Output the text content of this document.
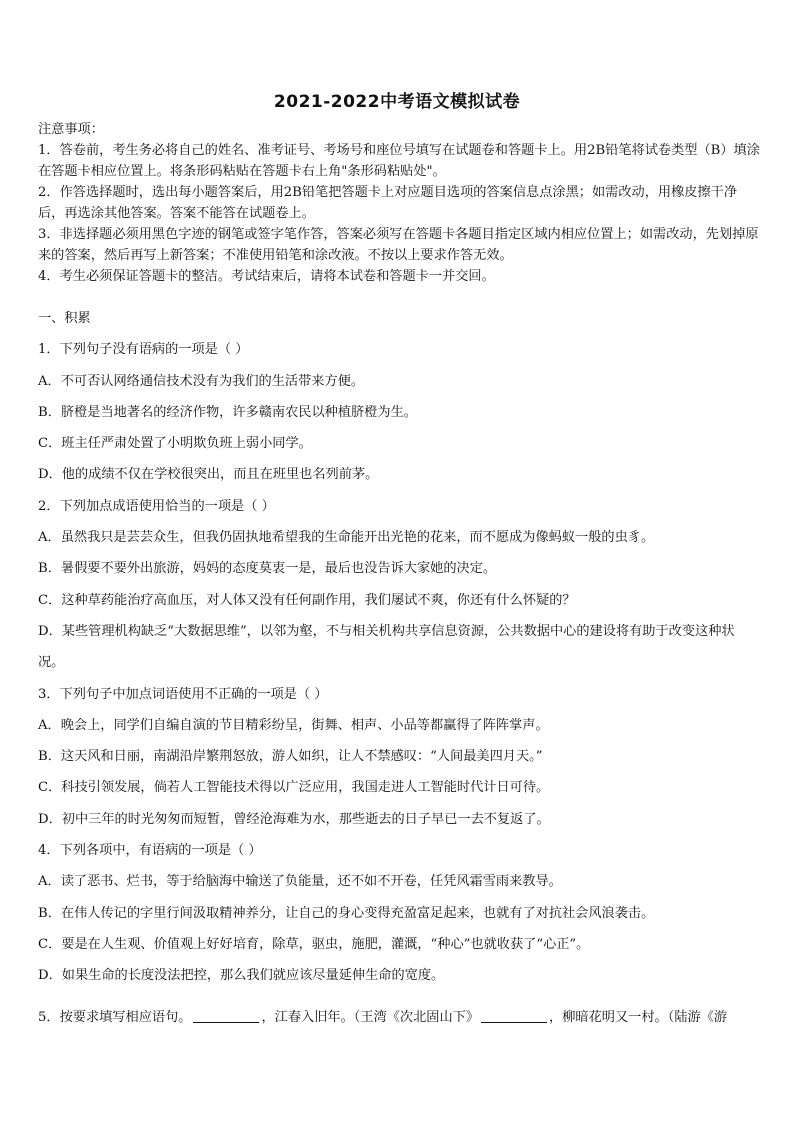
2021-2022中考语文模拟试卷

注意事项：

1．答卷前，考生务必将自己的姓名、准考证号、考场号和座位号填写在试题卷和答题卡上。用2B铅笔将试卷类型（B）填涂在答题卡相应位置上。将条形码粘贴在答题卡右上角"条形码粘贴处"。

2．作答选择题时，选出每小题答案后，用2B铅笔把答题卡上对应题目选项的答案信息点涂黑；如需改动，用橡皮擦干净后，再选涂其他答案。答案不能答在试题卷上。

3．非选择题必须用黑色字迹的钢笔或签字笔作答，答案必须写在答题卡各题目指定区域内相应位置上；如需改动，先划掉原来的答案，然后再写上新答案；不准使用铅笔和涂改液。不按以上要求作答无效。

4．考生必须保证答题卡的整洁。考试结束后，请将本试卷和答题卡一并交回。

一、积累

1．下列句子没有语病的一项是（ ）

A．不可否认网络通信技术没有为我们的生活带来方便。

B．脐橙是当地著名的经济作物，许多赣南农民以种植脐橙为生。

C．班主任严肃处置了小明欺负班上弱小同学。

D．他的成绩不仅在学校很突出，而且在班里也名列前茅。

2．下列加点成语使用恰当的一项是（ ）

A．虽然我只是芸芸众生，但我仍固执地希望我的生命能开出光艳的花来，而不愿成为像蚂蚁一般的虫豸。

B．暑假要不要外出旅游，妈妈的态度莫衷一是，最后也没告诉大家她的决定。

C．这种草药能治疗高血压，对人体又没有任何副作用，我们屡试不爽，你还有什么怀疑的？

D．某些管理机构缺乏“大数据思维”，以邻为壑，不与相关机构共享信息资源，公共数据中心的建设将有助于改变这种状况。

3．下列句子中加点词语使用不正确的一项是（ ）

A．晚会上，同学们自编自演的节目精彩纷呈，街舞、相声、小品等都赢得了阵阵掌声。

B．这天风和日丽，南湖沿岸繁荆怒放，游人如织，让人不禁感叹：“人间最美四月天。”

C．科技引领发展，倘若人工智能技术得以广泛应用，我国走进人工智能时代计日可待。

D．初中三年的时光匆匆而短暂，曾经沧海难为水，那些逝去的日子早已一去不复返了。

4．下列各项中，有语病的一项是（ ）

A．读了恶书、烂书，等于给脑海中输送了负能量，还不如不开卷，任凭风霜雪雨来教导。

B．在伟人传记的字里行间汲取精神养分，让自己的身心变得充盈富足起来，也就有了对抗社会风浪袭击。

C．要是在人生观、价值观上好好培育，除草，驱虫，施肥，灌溉，“种心”也就收获了“心正”。

D．如果生命的长度没法把控，那么我们就应该尽量延伸生命的宽度。

5．按要求填写相应语句。	，江春入旧年。（王湾《次北固山下》	，柳暗花明又一村。（陆游《游
